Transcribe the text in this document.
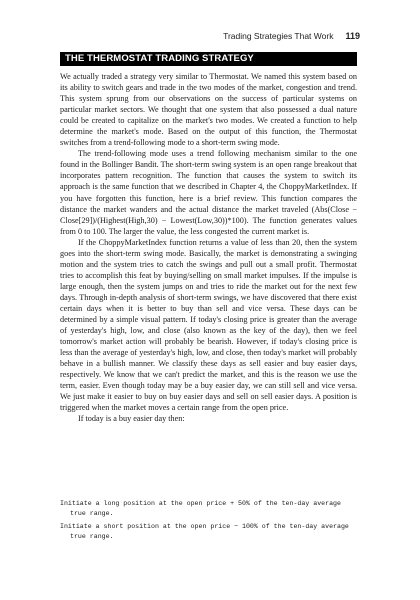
Trading Strategies That Work 119
THE THERMOSTAT TRADING STRATEGY

We actually traded a strategy very similar to Thermostat. We named this system based on its ability to switch gears and trade in the two modes of the market, congestion and trend. This system sprung from our observations on the success of particular systems on particular market sectors. We thought that one system that also possessed a dual nature could be created to capitalize on the market's two modes. We created a function to help determine the market's mode. Based on the output of this function, the Thermostat switches from a trend-following mode to a short-term swing mode.

The trend-following mode uses a trend following mechanism similar to the one found in the Bollinger Bandit. The short-term swing system is an open range breakout that incorporates pattern recognition. The function that causes the system to switch its approach is the same function that we described in Chapter 4, the ChoppyMarketIndex. If you have forgotten this function, here is a brief review. This function compares the distance the market wanders and the actual distance the market traveled (Abs(Close − Close[29])/(Highest(High,30) − Lowest(Low,30))*100). The function generates values from 0 to 100. The larger the value, the less congested the current market is.

If the ChoppyMarketIndex function returns a value of less than 20, then the system goes into the short-term swing mode. Basically, the market is demonstrating a swinging motion and the system tries to catch the swings and pull out a small profit. Thermostat tries to accomplish this feat by buying/selling on small market impulses. If the impulse is large enough, then the system jumps on and tries to ride the market out for the next few days. Through in-depth analysis of short-term swings, we have discovered that there exist certain days when it is better to buy than sell and vice versa. These days can be determined by a simple visual pattern. If today's closing price is greater than the average of yesterday's high, low, and close (also known as the key of the day), then we feel tomorrow's market action will probably be bearish. However, if today's closing price is less than the average of yesterday's high, low, and close, then today's market will probably behave in a bullish manner. We classify these days as sell easier and buy easier days, respectively. We know that we can't predict the market, and this is the reason we use the term, easier. Even though today may be a buy easier day, we can still sell and vice versa. We just make it easier to buy on buy easier days and sell on sell easier days. A position is triggered when the market moves a certain range from the open price.

If today is a buy easier day then:

Initiate a long position at the open price + 50% of the ten-day average true range.
Initiate a short position at the open price − 100% of the ten-day average true range.
